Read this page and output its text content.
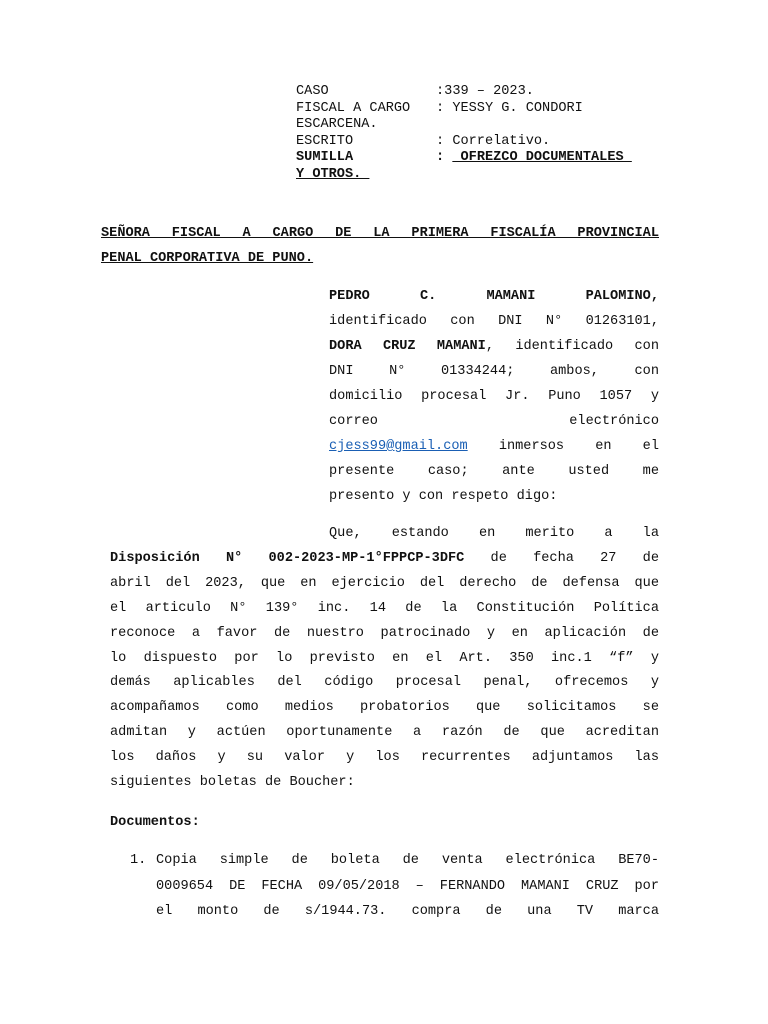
CASO	:339 – 2023.
FISCAL A CARGO	: YESSY G. CONDORI
ESCARCENA.
ESCRITO	: Correlativo.
SUMILLA	:
OFREZCO DOCUMENTALES
Y OTROS.
SEÑORA FISCAL A CARGO DE LA PRIMERA FISCALÍA PROVINCIAL
PENAL CORPORATIVA DE PUNO.
PEDRO C. MAMANI PALOMINO,
identificado con DNI N° 01263101,
DORA CRUZ MAMANI, identificado con
DNI N° 01334244; ambos, con
domicilio procesal Jr. Puno 1057 y
correo electrónico
cjess99@gmail.com inmersos en el
presente caso; ante usted me
presento y con respeto digo:
Que, estando en merito a la
Disposición N° 002-2023-MP-1°FPPCP-3DFC de fecha 27 de
abril del 2023, que en ejercicio del derecho de defensa que
el articulo N° 139° inc. 14 de la Constitución Política
reconoce a favor de nuestro patrocinado y en aplicación de
lo dispuesto por lo previsto en el Art. 350 inc.1 “f” y
demás aplicables del código procesal penal, ofrecemos y
acompañamos como medios probatorios que solicitamos se
admitan y actúen oportunamente a razón de que acreditan
los daños y su valor y los recurrentes adjuntamos las
siguientes boletas de Boucher:
Documentos:
1. Copia simple de boleta de venta electrónica BE70-
0009654 DE FECHA 09/05/2018 – FERNANDO MAMANI CRUZ por
el monto de s/1944.73. compra de una TV marca
